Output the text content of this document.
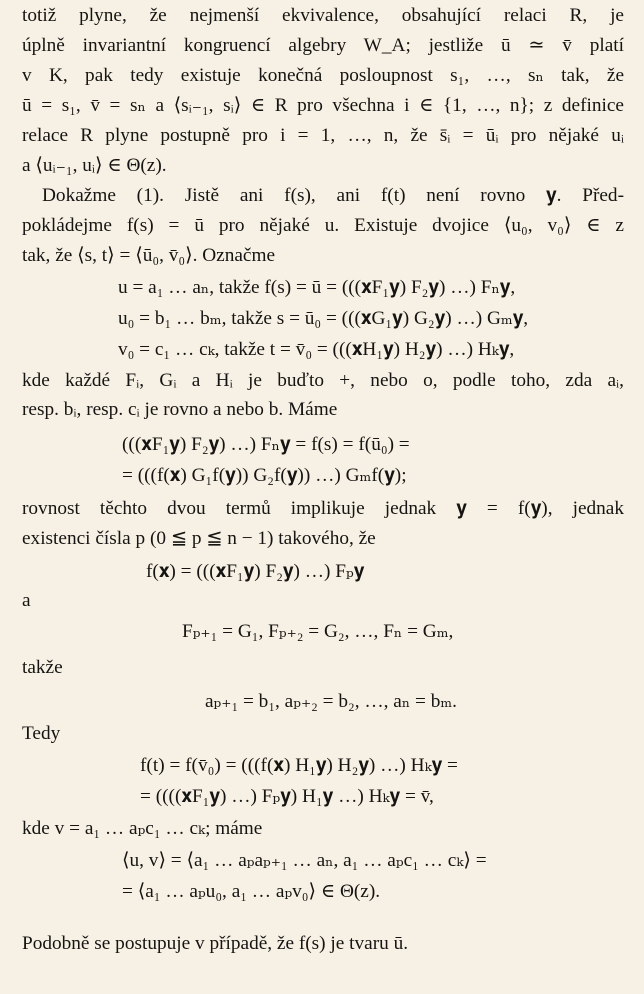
totiž plyne, že nejmenší ekvivalence, obsahující relaci R, je
úplně invariantní kongruencí algebry W_A; jestliže ū ≃ v̄ platí
v K, pak tedy existuje konečná posloupnost s₁, …, sₙ tak, že
ū = s₁, v̄ = sₙ a ⟨sᵢ₋₁, sᵢ⟩ ∈ R pro všechna i ∈ {1, …, n}; z definice
relace R plyne postupně pro i = 1, …, n, že s̄ᵢ = ūᵢ pro nějaké uᵢ
a ⟨uᵢ₋₁, uᵢ⟩ ∈ Θ(z).
Dokažme (1). Jistě ani f(s), ani f(t) není rovno 𝐲. Před-
pokládejme f(s) = ū pro nějaké u. Existuje dvojice ⟨u₀, v₀⟩ ∈ z
tak, že ⟨s, t⟩ = ⟨ū₀, v̄₀⟩. Označme
u = a₁ … aₙ, takže f(s) = ū = (((𝐱F₁𝐲) F₂𝐲) …) Fₙ𝐲,
u₀ = b₁ … bₘ, takže s = ū₀ = (((𝐱G₁𝐲) G₂𝐲) …) Gₘ𝐲,
v₀ = c₁ … cₖ, takže t = v̄₀ = (((𝐱H₁𝐲) H₂𝐲) …) Hₖ𝐲,
kde každé Fᵢ, Gᵢ a Hᵢ je buďto +, nebo o, podle toho, zda aᵢ,
resp. bᵢ, resp. cᵢ je rovno a nebo b. Máme
(((𝐱F₁𝐲) F₂𝐲) …) Fₙ𝐲 = f(s) = f(ū₀) =
= (((f(𝐱) G₁f(𝐲)) G₂f(𝐲)) …) Gₘf(𝐲);
rovnost těchto dvou termů implikuje jednak 𝐲 = f(𝐲), jednak
existenci čísla p (0 ≦ p ≦ n − 1) takového, že
f(𝐱) = (((𝐱F₁𝐲) F₂𝐲) …) Fₚ𝐲
a
Fₚ₊₁ = G₁, Fₚ₊₂ = G₂, …, Fₙ = Gₘ,
takže
aₚ₊₁ = b₁, aₚ₊₂ = b₂, …, aₙ = bₘ.
Tedy
f(t) = f(v̄₀) = (((f(𝐱) H₁𝐲) H₂𝐲) …) Hₖ𝐲 =
= ((((𝐱F₁𝐲) …) Fₚ𝐲) H₁𝐲 …) Hₖ𝐲 = v̄,
kde v = a₁ … aₚc₁ … cₖ; máme
⟨u, v⟩ = ⟨a₁ … aₚaₚ₊₁ … aₙ, a₁ … aₚc₁ … cₖ⟩ =
= ⟨a₁ … aₚu₀, a₁ … aₚv₀⟩ ∈ Θ(z).
Podobně se postupuje v případě, že f(s) je tvaru ū.
